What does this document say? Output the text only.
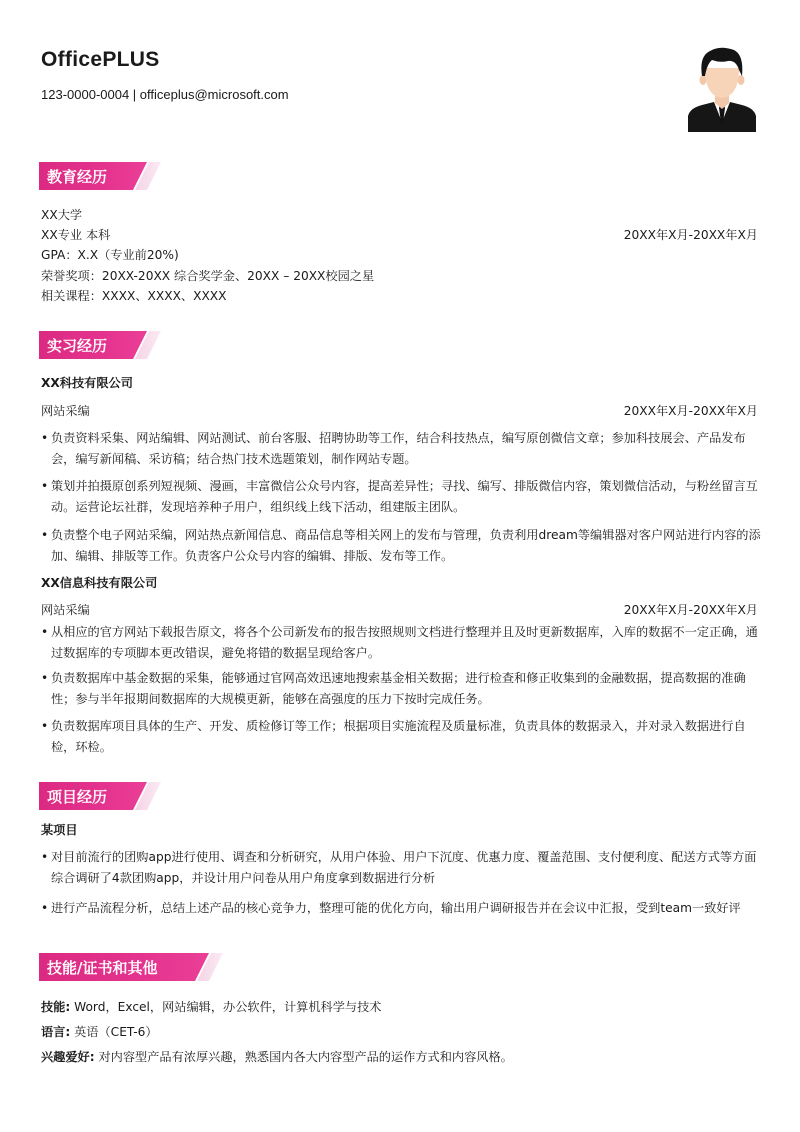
OfficePLUS
123-0000-0004 | officeplus@microsoft.com
教育经历
XX大学
XX专业 本科	20XX年X月-20XX年X月
GPA：X.X（专业前20%)
荣誉奖项：20XX-20XX 综合奖学金、20XX – 20XX校园之星
相关课程：XXXX、XXXX、XXXX
实习经历
XX科技有限公司
网站采编	20XX年X月-20XX年X月
• 负责资料采集、网站编辑、网站测试、前台客服、招聘协助等工作，结合科技热点，编写原创微信文章；参加科技展会、产品发布会，编写新闻稿、采访稿；结合热门技术选题策划，制作网站专题。
• 策划并拍摄原创系列短视频、漫画，丰富微信公众号内容，提高差异性；寻找、编写、排版微信内容，策划微信活动，与粉丝留言互动。运营论坛社群，发现培养种子用户，组织线上线下活动，组建版主团队。
• 负责整个电子网站采编，网站热点新闻信息、商品信息等相关网上的发布与管理，负责利用dream等编辑器对客户网站进行内容的添加、编辑、排版等工作。负责客户公众号内容的编辑、排版、发布等工作。
XX信息科技有限公司
网站采编	20XX年X月-20XX年X月
• 从相应的官方网站下载报告原文，将各个公司新发布的报告按照规则文档进行整理并且及时更新数据库，入库的数据不一定正确，通过数据库的专项脚本更改错误，避免将错的数据呈现给客户。
• 负责数据库中基金数据的采集，能够通过官网高效迅速地搜索基金相关数据；进行检查和修正收集到的金融数据，提高数据的准确性；参与半年报期间数据库的大规模更新，能够在高强度的压力下按时完成任务。
• 负责数据库项目具体的生产、开发、质检修订等工作；根据项目实施流程及质量标准，负责具体的数据录入，并对录入数据进行自检，环检。
项目经历
某项目
• 对目前流行的团购app进行使用、调查和分析研究，从用户体验、用户下沉度、优惠力度、覆盖范围、支付便利度、配送方式等方面综合调研了4款团购app，并设计用户问卷从用户角度拿到数据进行分析
• 进行产品流程分析，总结上述产品的核心竞争力，整理可能的优化方向，输出用户调研报告并在会议中汇报，受到team一致好评
技能/证书和其他
技能: Word，Excel，网站编辑，办公软件，计算机科学与技术
语言: 英语（CET-6）
兴趣爱好: 对内容型产品有浓厚兴趣，熟悉国内各大内容型产品的运作方式和内容风格。
